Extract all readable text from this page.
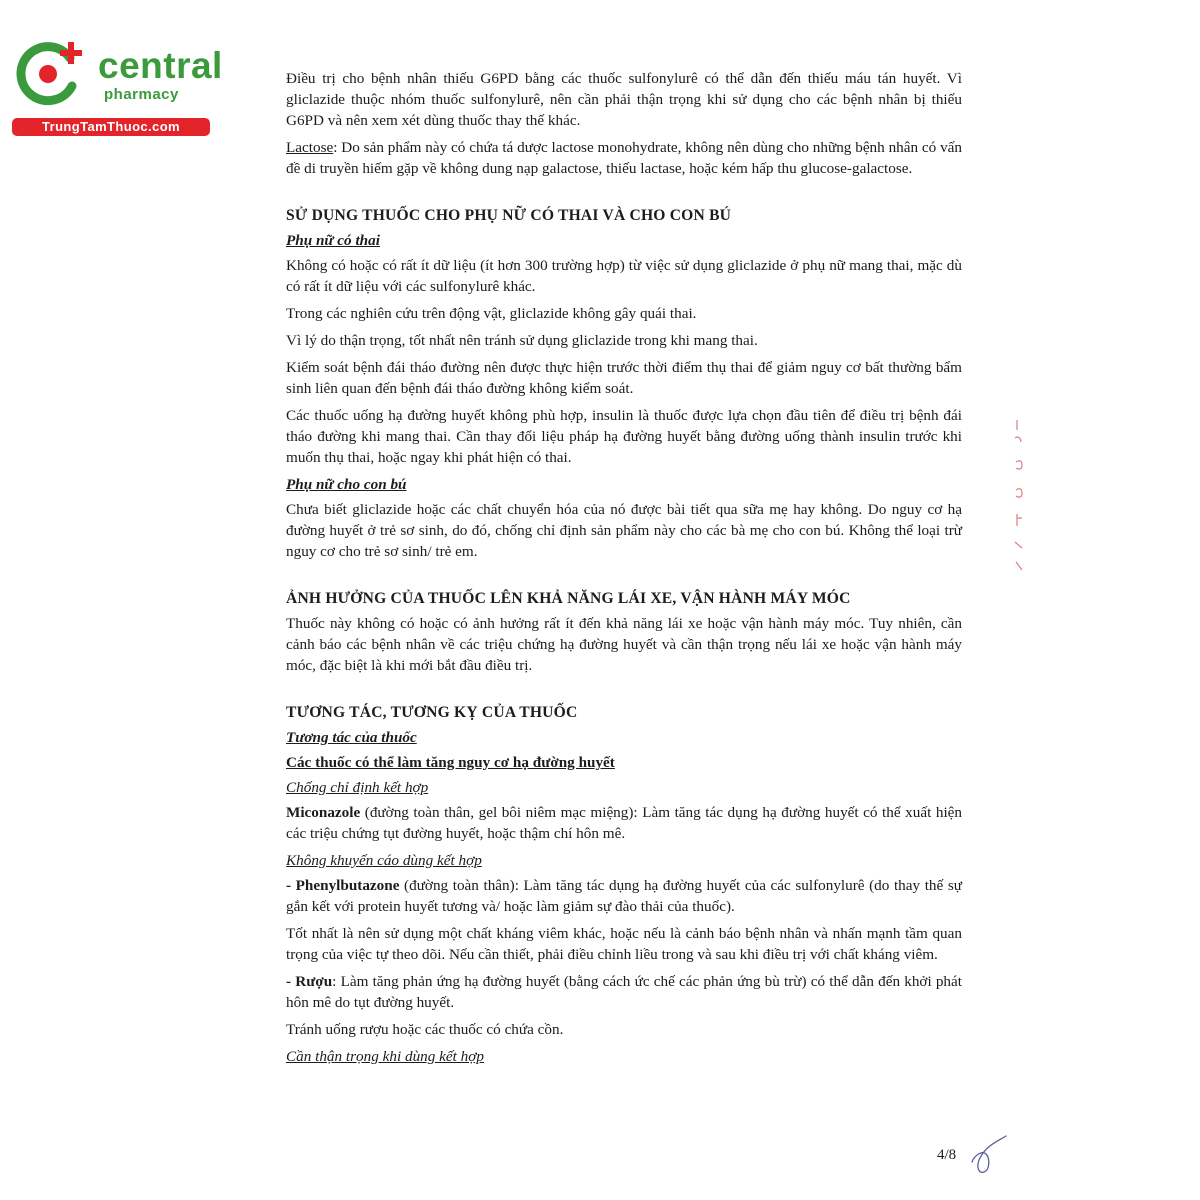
central
pharmacy
TrungTamThuoc.com

Điều trị cho bệnh nhân thiếu G6PD bằng các thuốc sulfonylurê có thể dẫn đến thiếu máu tán huyết. Vì gliclazide thuộc nhóm thuốc sulfonylurê, nên cần phải thận trọng khi sử dụng cho các bệnh nhân bị thiếu G6PD và nên xem xét dùng thuốc thay thế khác.

Lactose: Do sản phẩm này có chứa tá dược lactose monohydrate, không nên dùng cho những bệnh nhân có vấn đề di truyền hiếm gặp về không dung nạp galactose, thiếu lactase, hoặc kém hấp thu glucose-galactose.

SỬ DỤNG THUỐC CHO PHỤ NỮ CÓ THAI VÀ CHO CON BÚ
Phụ nữ có thai

Không có hoặc có rất ít dữ liệu (ít hơn 300 trường hợp) từ việc sử dụng gliclazide ở phụ nữ mang thai, mặc dù có rất ít dữ liệu với các sulfonylurê khác.

Trong các nghiên cứu trên động vật, gliclazide không gây quái thai.

Vì lý do thận trọng, tốt nhất nên tránh sử dụng gliclazide trong khi mang thai.

Kiểm soát bệnh đái tháo đường nên được thực hiện trước thời điểm thụ thai để giảm nguy cơ bất thường bẩm sinh liên quan đến bệnh đái tháo đường không kiểm soát.

Các thuốc uống hạ đường huyết không phù hợp, insulin là thuốc được lựa chọn đầu tiên để điều trị bệnh đái tháo đường khi mang thai. Cần thay đổi liệu pháp hạ đường huyết bằng đường uống thành insulin trước khi muốn thụ thai, hoặc ngay khi phát hiện có thai.

Phụ nữ cho con bú

Chưa biết gliclazide hoặc các chất chuyển hóa của nó được bài tiết qua sữa mẹ hay không. Do nguy cơ hạ đường huyết ở trẻ sơ sinh, do đó, chống chỉ định sản phẩm này cho các bà mẹ cho con bú. Không thể loại trừ nguy cơ cho trẻ sơ sinh/ trẻ em.

ẢNH HƯỞNG CỦA THUỐC LÊN KHẢ NĂNG LÁI XE, VẬN HÀNH MÁY MÓC

Thuốc này không có hoặc có ảnh hưởng rất ít đến khả năng lái xe hoặc vận hành máy móc. Tuy nhiên, cần cảnh báo các bệnh nhân về các triệu chứng hạ đường huyết và cần thận trọng nếu lái xe hoặc vận hành máy móc, đặc biệt là khi mới bắt đầu điều trị.

TƯƠNG TÁC, TƯƠNG KỴ CỦA THUỐC
Tương tác của thuốc
Các thuốc có thể làm tăng nguy cơ hạ đường huyết
Chống chỉ định kết hợp

Miconazole (đường toàn thân, gel bôi niêm mạc miệng): Làm tăng tác dụng hạ đường huyết có thể xuất hiện các triệu chứng tụt đường huyết, hoặc thậm chí hôn mê.

Không khuyến cáo dùng kết hợp

- Phenylbutazone (đường toàn thân): Làm tăng tác dụng hạ đường huyết của các sulfonylurê (do thay thế sự gắn kết với protein huyết tương và/ hoặc làm giảm sự đào thải của thuốc).

Tốt nhất là nên sử dụng một chất kháng viêm khác, hoặc nếu là cảnh báo bệnh nhân và nhấn mạnh tầm quan trọng của việc tự theo dõi. Nếu cần thiết, phải điều chỉnh liều trong và sau khi điều trị với chất kháng viêm.

- Rượu: Làm tăng phản ứng hạ đường huyết (bằng cách ức chế các phản ứng bù trừ) có thể dẫn đến khởi phát hôn mê do tụt đường huyết.

Tránh uống rượu hoặc các thuốc có chứa cồn.

Cần thận trọng khi dùng kết hợp
4/8
